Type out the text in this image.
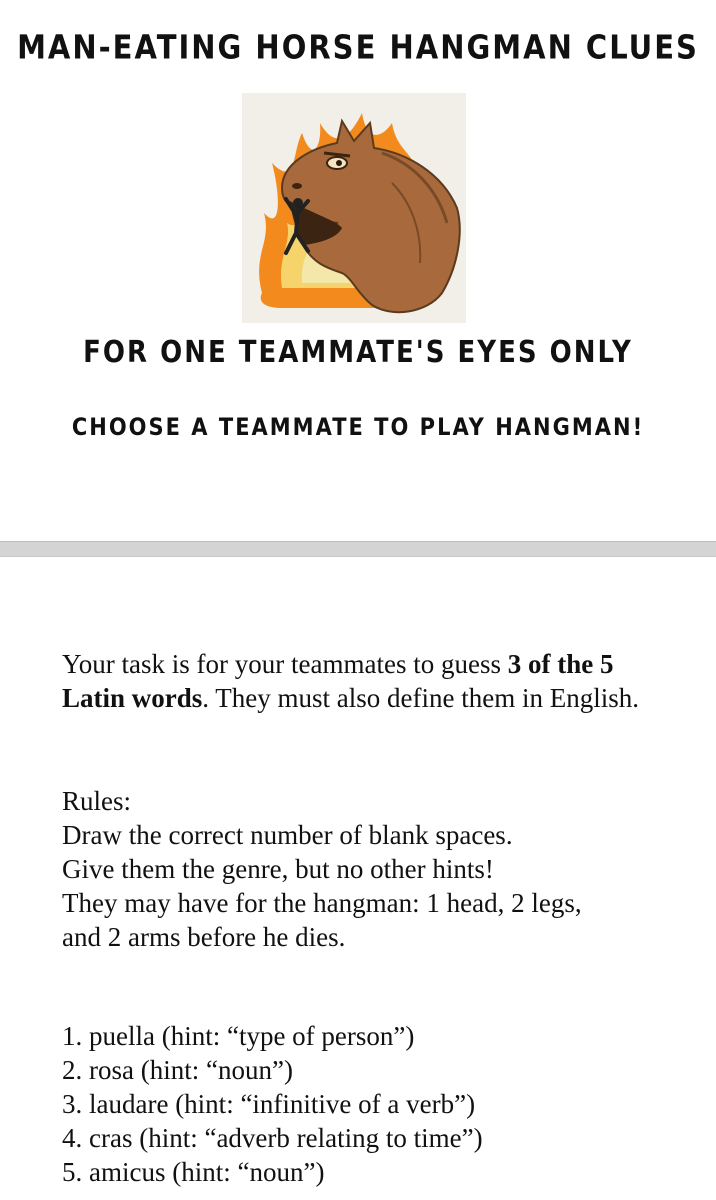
MAN-EATING HORSE HANGMAN CLUES
FOR ONE TEAMMATE'S EYES ONLY
CHOOSE A TEAMMATE TO PLAY HANGMAN!

Your task is for your teammates to guess 3 of the 5 Latin words. They must also define them in English.

Rules:
Draw the correct number of blank spaces.
Give them the genre, but no other hints!
They may have for the hangman: 1 head, 2 legs,
and 2 arms before he dies.
1. puella (hint: “type of person”)
2. rosa (hint: “noun”)
3. laudare (hint: “infinitive of a verb”)
4. cras (hint: “adverb relating to time”)
5. amicus (hint: “noun”)
